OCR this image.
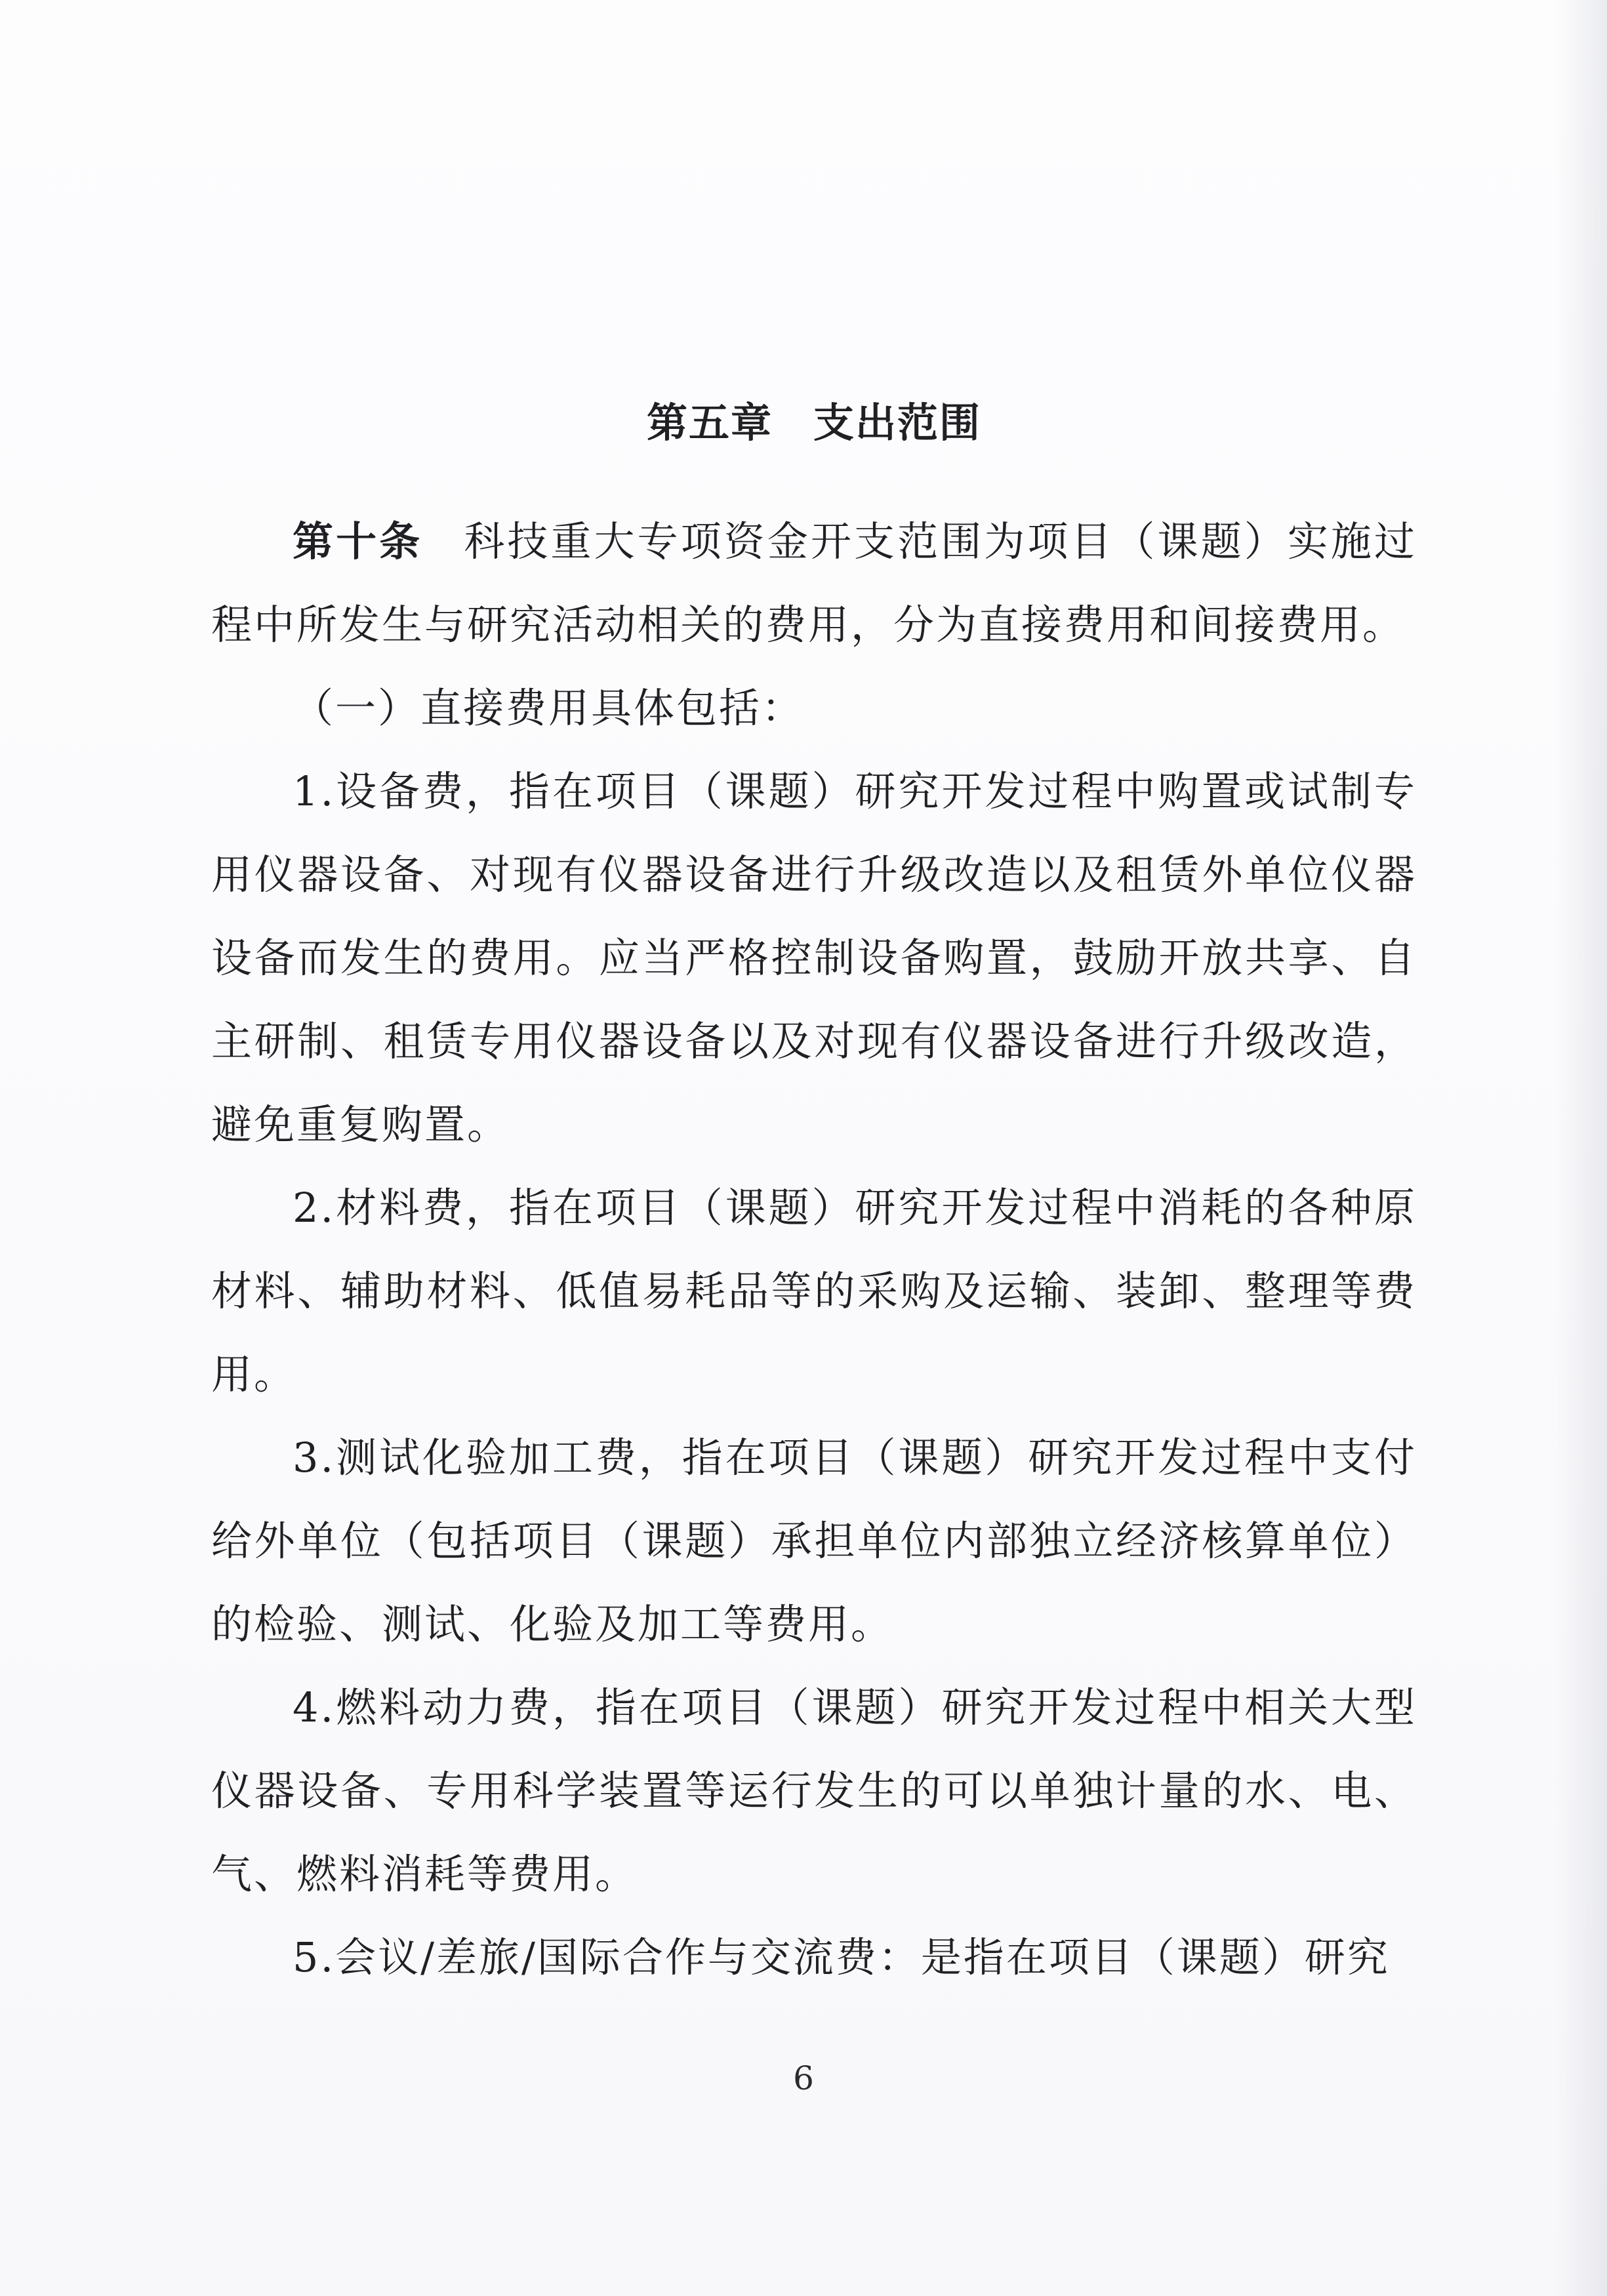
第五章 支出范围

第十条 科技重大专项资金开支范围为项目（课题）实施过程中所发生与研究活动相关的费用，分为直接费用和间接费用。

（一）直接费用具体包括：

1.设备费，指在项目（课题）研究开发过程中购置或试制专用仪器设备、对现有仪器设备进行升级改造以及租赁外单位仪器设备而发生的费用。应当严格控制设备购置，鼓励开放共享、自主研制、租赁专用仪器设备以及对现有仪器设备进行升级改造，避免重复购置。

2.材料费，指在项目（课题）研究开发过程中消耗的各种原材料、辅助材料、低值易耗品等的采购及运输、装卸、整理等费用。

3.测试化验加工费，指在项目（课题）研究开发过程中支付给外单位（包括项目（课题）承担单位内部独立经济核算单位）的检验、测试、化验及加工等费用。

4.燃料动力费，指在项目（课题）研究开发过程中相关大型仪器设备、专用科学装置等运行发生的可以单独计量的水、电、气、燃料消耗等费用。

5.会议/差旅/国际合作与交流费：是指在项目（课题）研究

6
